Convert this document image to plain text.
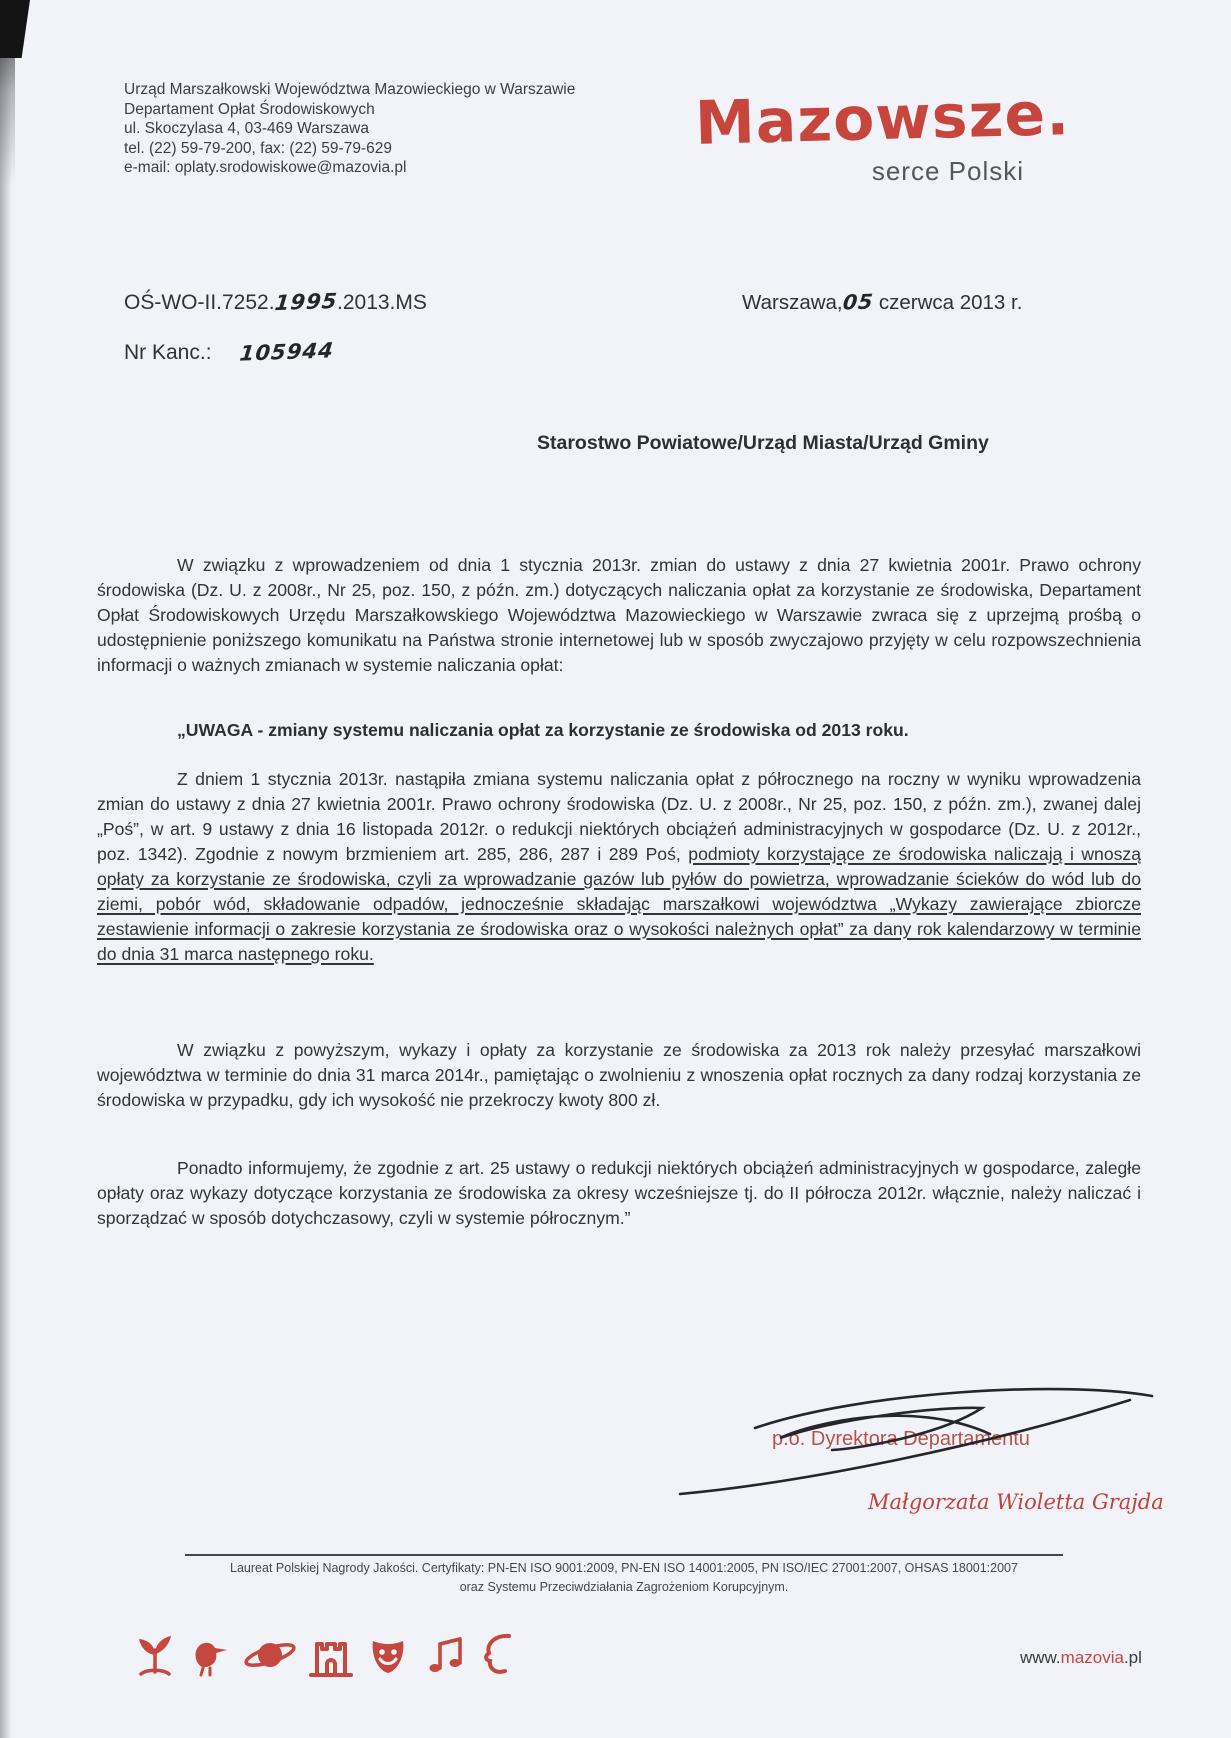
Urząd Marszałkowski Województwa Mazowieckiego w Warszawie
Departament Opłat Środowiskowych
ul. Skoczylasa 4, 03-469 Warszawa
tel. (22) 59-79-200, fax: (22) 59-79-629
e-mail: oplaty.srodowiskowe@mazovia.pl
Mazowsze.
serce Polski
OŚ-WO-II.7252.1995.2013.MS	Warszawa,05 czerwca 2013 r.
Nr Kanc.: 105944
Starostwo Powiatowe/Urząd Miasta/Urząd Gminy
W związku z wprowadzeniem od dnia 1 stycznia 2013r. zmian do ustawy z dnia 27 kwietnia 2001r. Prawo ochrony środowiska (Dz. U. z 2008r., Nr 25, poz. 150, z późn. zm.) dotyczących naliczania opłat za korzystanie ze środowiska, Departament Opłat Środowiskowych Urzędu Marszałkowskiego Województwa Mazowieckiego w Warszawie zwraca się z uprzejmą prośbą o udostępnienie poniższego komunikatu na Państwa stronie internetowej lub w sposób zwyczajowo przyjęty w celu rozpowszechnienia informacji o ważnych zmianach w systemie naliczania opłat:
„UWAGA - zmiany systemu naliczania opłat za korzystanie ze środowiska od 2013 roku.
Z dniem 1 stycznia 2013r. nastąpiła zmiana systemu naliczania opłat z półrocznego na roczny w wyniku wprowadzenia zmian do ustawy z dnia 27 kwietnia 2001r. Prawo ochrony środowiska (Dz. U. z 2008r., Nr 25, poz. 150, z późn. zm.), zwanej dalej „Poś”, w art. 9 ustawy z dnia 16 listopada 2012r. o redukcji niektórych obciążeń administracyjnych w gospodarce (Dz. U. z 2012r., poz. 1342). Zgodnie z nowym brzmieniem art. 285, 286, 287 i 289 Poś, podmioty korzystające ze środowiska naliczają i wnoszą opłaty za korzystanie ze środowiska, czyli za wprowadzanie gazów lub pyłów do powietrza, wprowadzanie ścieków do wód lub do ziemi, pobór wód, składowanie odpadów, jednocześnie składając marszałkowi województwa „Wykazy zawierające zbiorcze zestawienie informacji o zakresie korzystania ze środowiska oraz o wysokości należnych opłat” za dany rok kalendarzowy w terminie do dnia 31 marca następnego roku.
W związku z powyższym, wykazy i opłaty za korzystanie ze środowiska za 2013 rok należy przesyłać marszałkowi województwa w terminie do dnia 31 marca 2014r., pamiętając o zwolnieniu z wnoszenia opłat rocznych za dany rodzaj korzystania ze środowiska w przypadku, gdy ich wysokość nie przekroczy kwoty 800 zł.
Ponadto informujemy, że zgodnie z art. 25 ustawy o redukcji niektórych obciążeń administracyjnych w gospodarce, zaległe opłaty oraz wykazy dotyczące korzystania ze środowiska za okresy wcześniejsze tj. do II półrocza 2012r. włącznie, należy naliczać i sporządzać w sposób dotychczasowy, czyli w systemie półrocznym.”
p.o. Dyrektora Departamentu
Małgorzata Wioletta Grajda
Laureat Polskiej Nagrody Jakości. Certyfikaty: PN-EN ISO 9001:2009, PN-EN ISO 14001:2005, PN ISO/IEC 27001:2007, OHSAS 18001:2007
oraz Systemu Przeciwdziałania Zagrożeniom Korupcyjnym.
www.mazovia.pl
